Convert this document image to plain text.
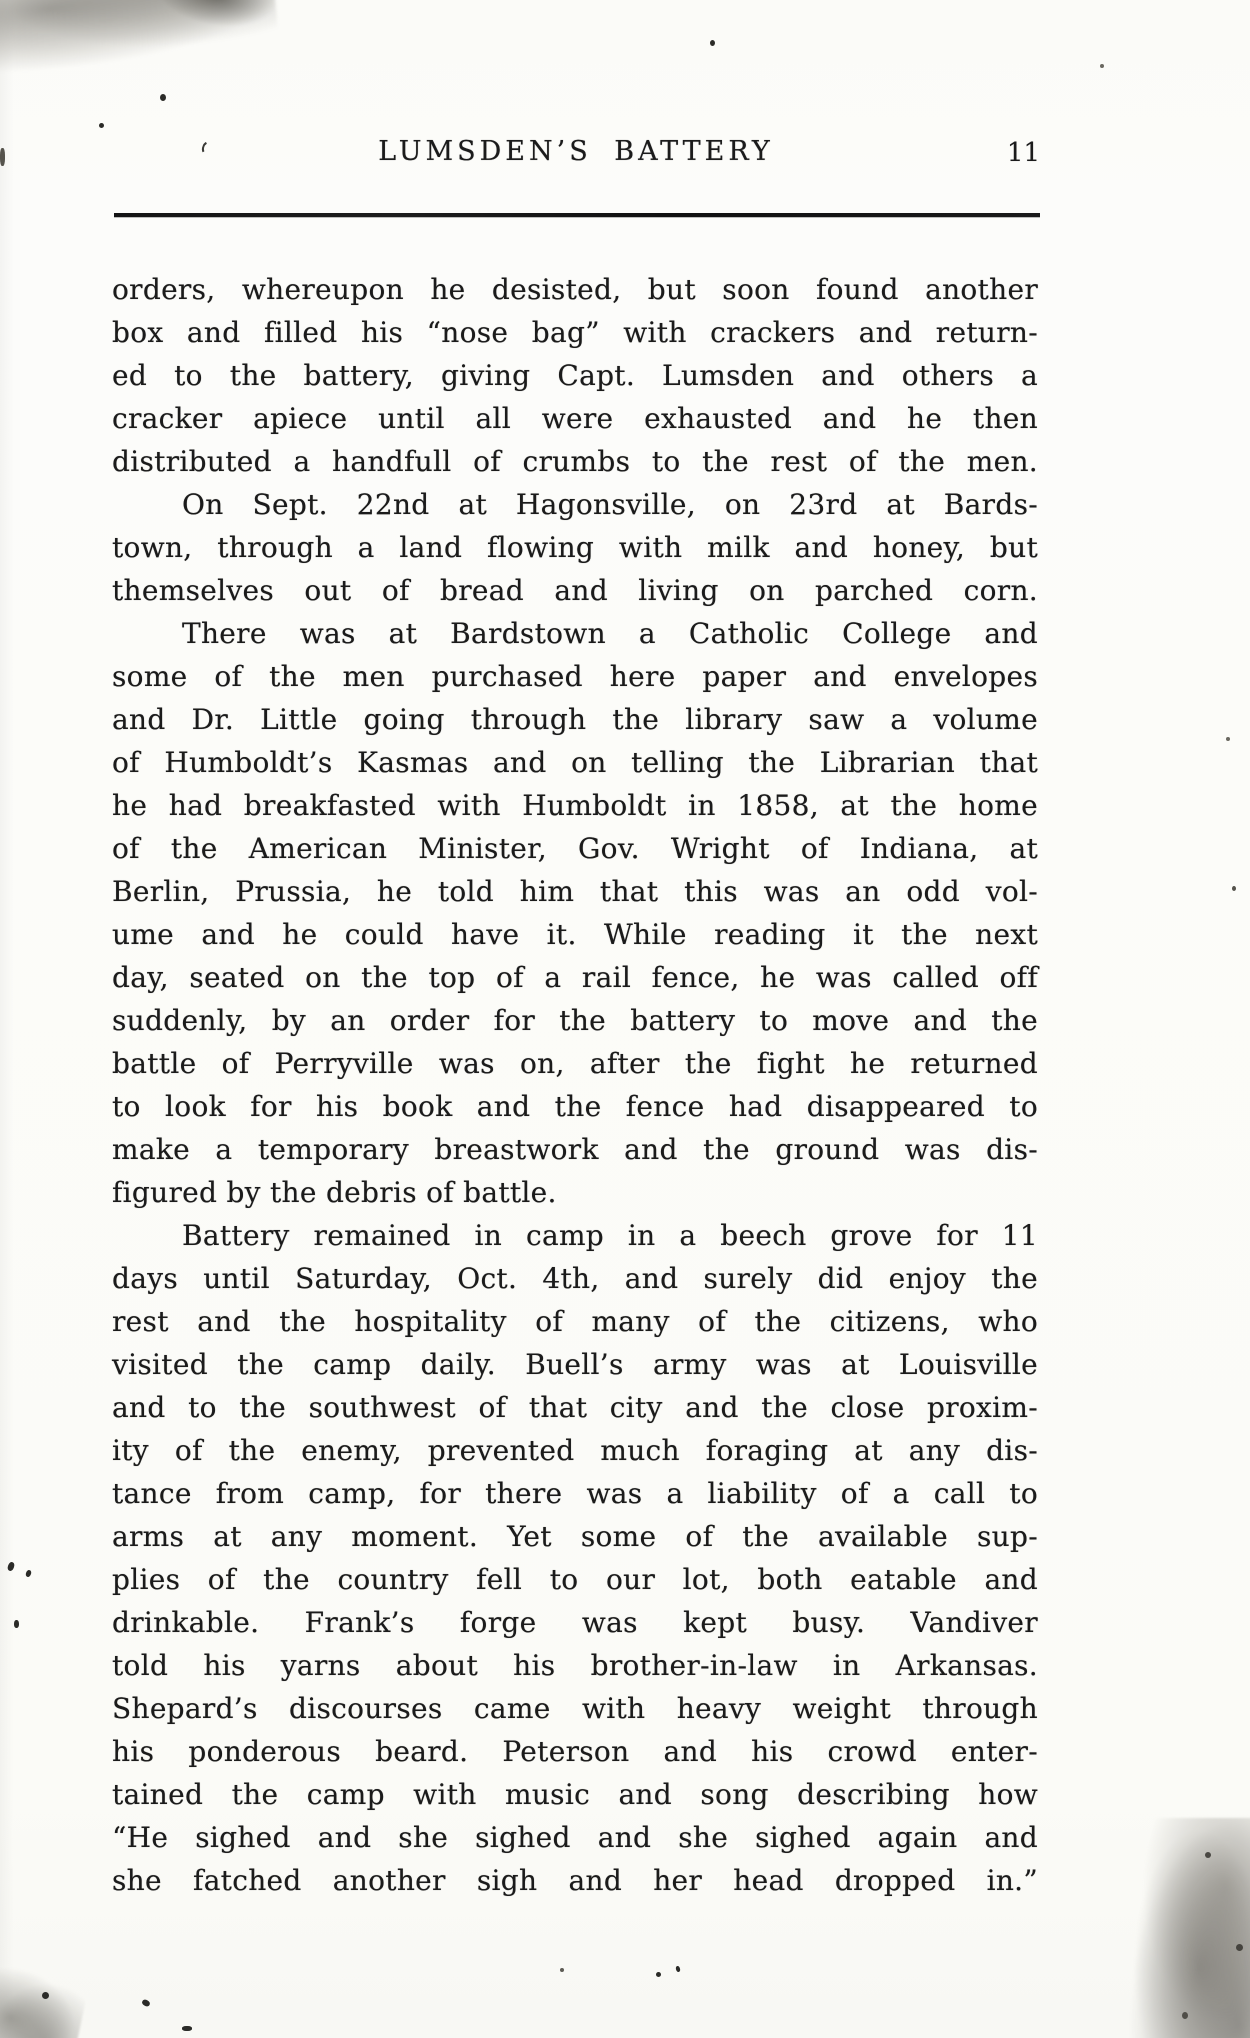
LUMSDEN’S BATTERY	11
orders, whereupon he desisted, but soon found another
box and filled his “nose bag” with crackers and return-
ed to the battery, giving Capt. Lumsden and others a
cracker apiece until all were exhausted and he then
distributed a handfull of crumbs to the rest of the men.
On Sept. 22nd at Hagonsville, on 23rd at Bards-
town, through a land flowing with milk and honey, but
themselves out of bread and living on parched corn.
There was at Bardstown a Catholic College and
some of the men purchased here paper and envelopes
and Dr. Little going through the library saw a volume
of Humboldt’s Kasmas and on telling the Librarian that
he had breakfasted with Humboldt in 1858, at the home
of the American Minister, Gov. Wright of Indiana, at
Berlin, Prussia, he told him that this was an odd vol-
ume and he could have it. While reading it the next
day, seated on the top of a rail fence, he was called off
suddenly, by an order for the battery to move and the
battle of Perryville was on, after the fight he returned
to look for his book and the fence had disappeared to
make a temporary breastwork and the ground was dis-
figured by the debris of battle.
Battery remained in camp in a beech grove for 11
days until Saturday, Oct. 4th, and surely did enjoy the
rest and the hospitality of many of the citizens, who
visited the camp daily. Buell’s army was at Louisville
and to the southwest of that city and the close proxim-
ity of the enemy, prevented much foraging at any dis-
tance from camp, for there was a liability of a call to
arms at any moment. Yet some of the available sup-
plies of the country fell to our lot, both eatable and
drinkable. Frank’s forge was kept busy. Vandiver
told his yarns about his brother-in-law in Arkansas.
Shepard’s discourses came with heavy weight through
his ponderous beard. Peterson and his crowd enter-
tained the camp with music and song describing how
“He sighed and she sighed and she sighed again and
she fatched another sigh and her head dropped in.”
